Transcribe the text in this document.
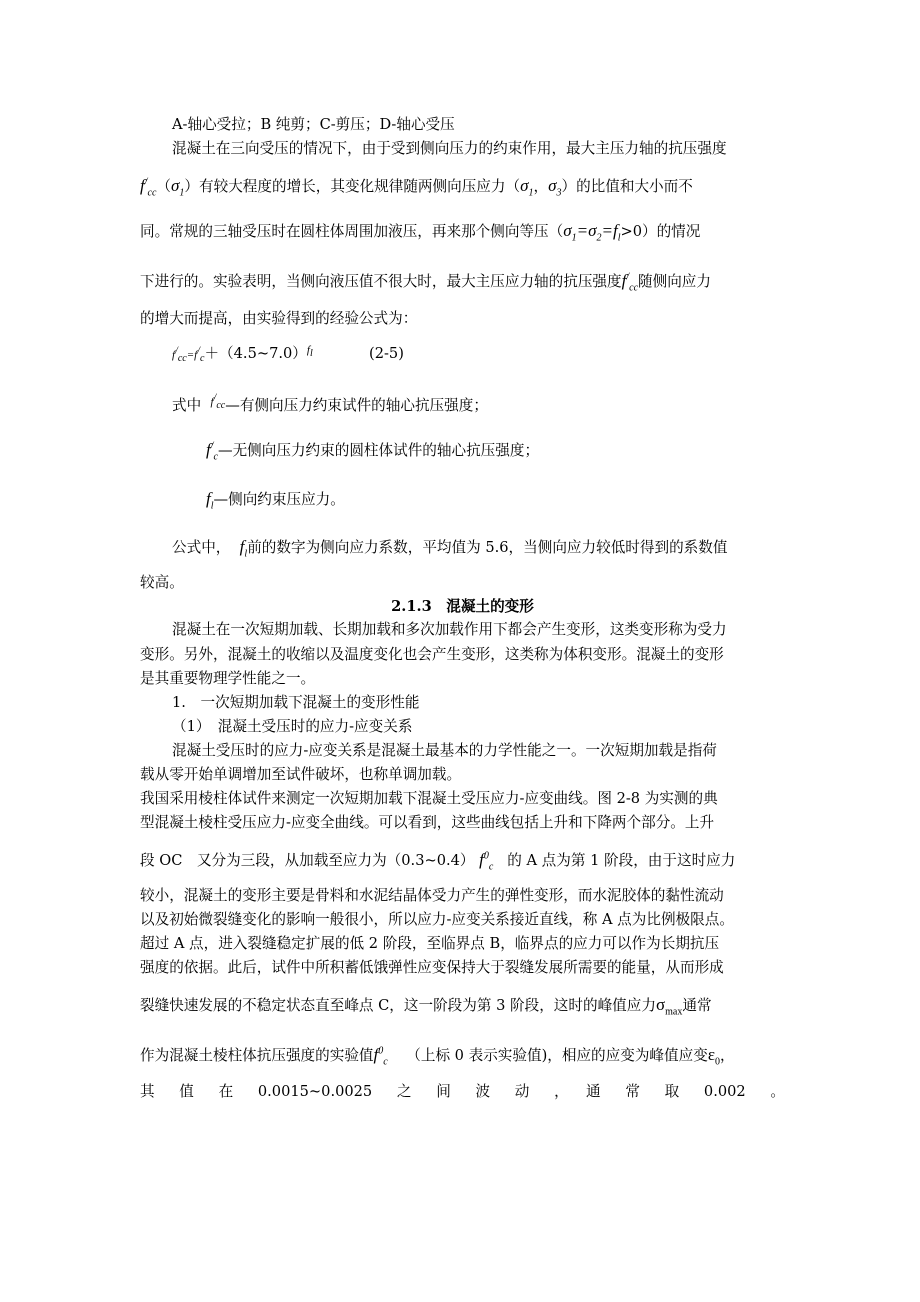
A-轴心受拉；B 纯剪；C-剪压；D-轴心受压
混凝土在三向受压的情况下，由于受到侧向压力的约束作用，最大主压力轴的抗压强度
$f^/_{cc}(\sigma_1)$有较大程度的增长，其变化规律随两侧向压应力（$\sigma_1$，$\sigma_3$）的比值和大小而不
同。常规的三轴受压时在圆柱体周围加液压，再来那个侧向等压$(\sigma_1=\sigma_2=f_l>0)$的情况
下进行的。实验表明，当侧向液压值不很大时，最大主压应力轴的抗压强度$f^/_{cc}$随侧向应力
的增大而提高，由实验得到的经验公式为：
$f^/_{cc}=f^/_c+(4.5\sim 7.0)^{f_l}$	(2-5)
式中 $^{f^/_{cc}}$—有侧向压力约束试件的轴心抗压强度；
$f^/_c—$无侧向压力约束的圆柱体试件的轴心抗压强度；
$f_l—$侧向约束压应力。
公式中， $f_l$前的数字为侧向应力系数，平均值为 5.6，当侧向应力较低时得到的系数值
较高。
2.1.3　混凝土的变形
混凝土在一次短期加载、长期加载和多次加载作用下都会产生变形，这类变形称为受力
变形。另外，混凝土的收缩以及温度变化也会产生变形，这类称为体积变形。混凝土的变形
是其重要物理学性能之一。
1.　一次短期加载下混凝土的变形性能
（1）　混凝土受压时的应力-应变关系
混凝土受压时的应力-应变关系是混凝土最基本的力学性能之一。一次短期加载是指荷
载从零开始单调增加至试件破坏，也称单调加载。
我国采用棱柱体试件来测定一次短期加载下混凝土受压应力-应变曲线。图 2-8 为实测的典
型混凝土棱柱受压应力-应变全曲线。可以看到，这些曲线包括上升和下降两个部分。上升
段 OC　又分为三段，从加载至应力为（0.3~0.4） $f^0_c$ 的 A 点为第 1 阶段，由于这时应力
较小，混凝土的变形主要是骨料和水泥结晶体受力产生的弹性变形，而水泥胶体的黏性流动
以及初始微裂缝变化的影响一般很小，所以应力-应变关系接近直线，称 A 点为比例极限点。
超过 A 点，进入裂缝稳定扩展的低 2 阶段，至临界点 B，临界点的应力可以作为长期抗压
强度的依据。此后，试件中所积蓄低饿弹性应变保持大于裂缝发展所需要的能量，从而形成
裂缝快速发展的不稳定状态直至峰点 C，这一阶段为第 3 阶段，这时的峰值应力$\sigma_{max}$通常
作为混凝土棱柱体抗压强度的实验值$f^0_c$ （上标 0 表示实验值)，相应的应变为峰值应变$\varepsilon_0$，
其　值　在　0.0015~0.0025　之　间　波　动　，　通　常　取　0.002　。
